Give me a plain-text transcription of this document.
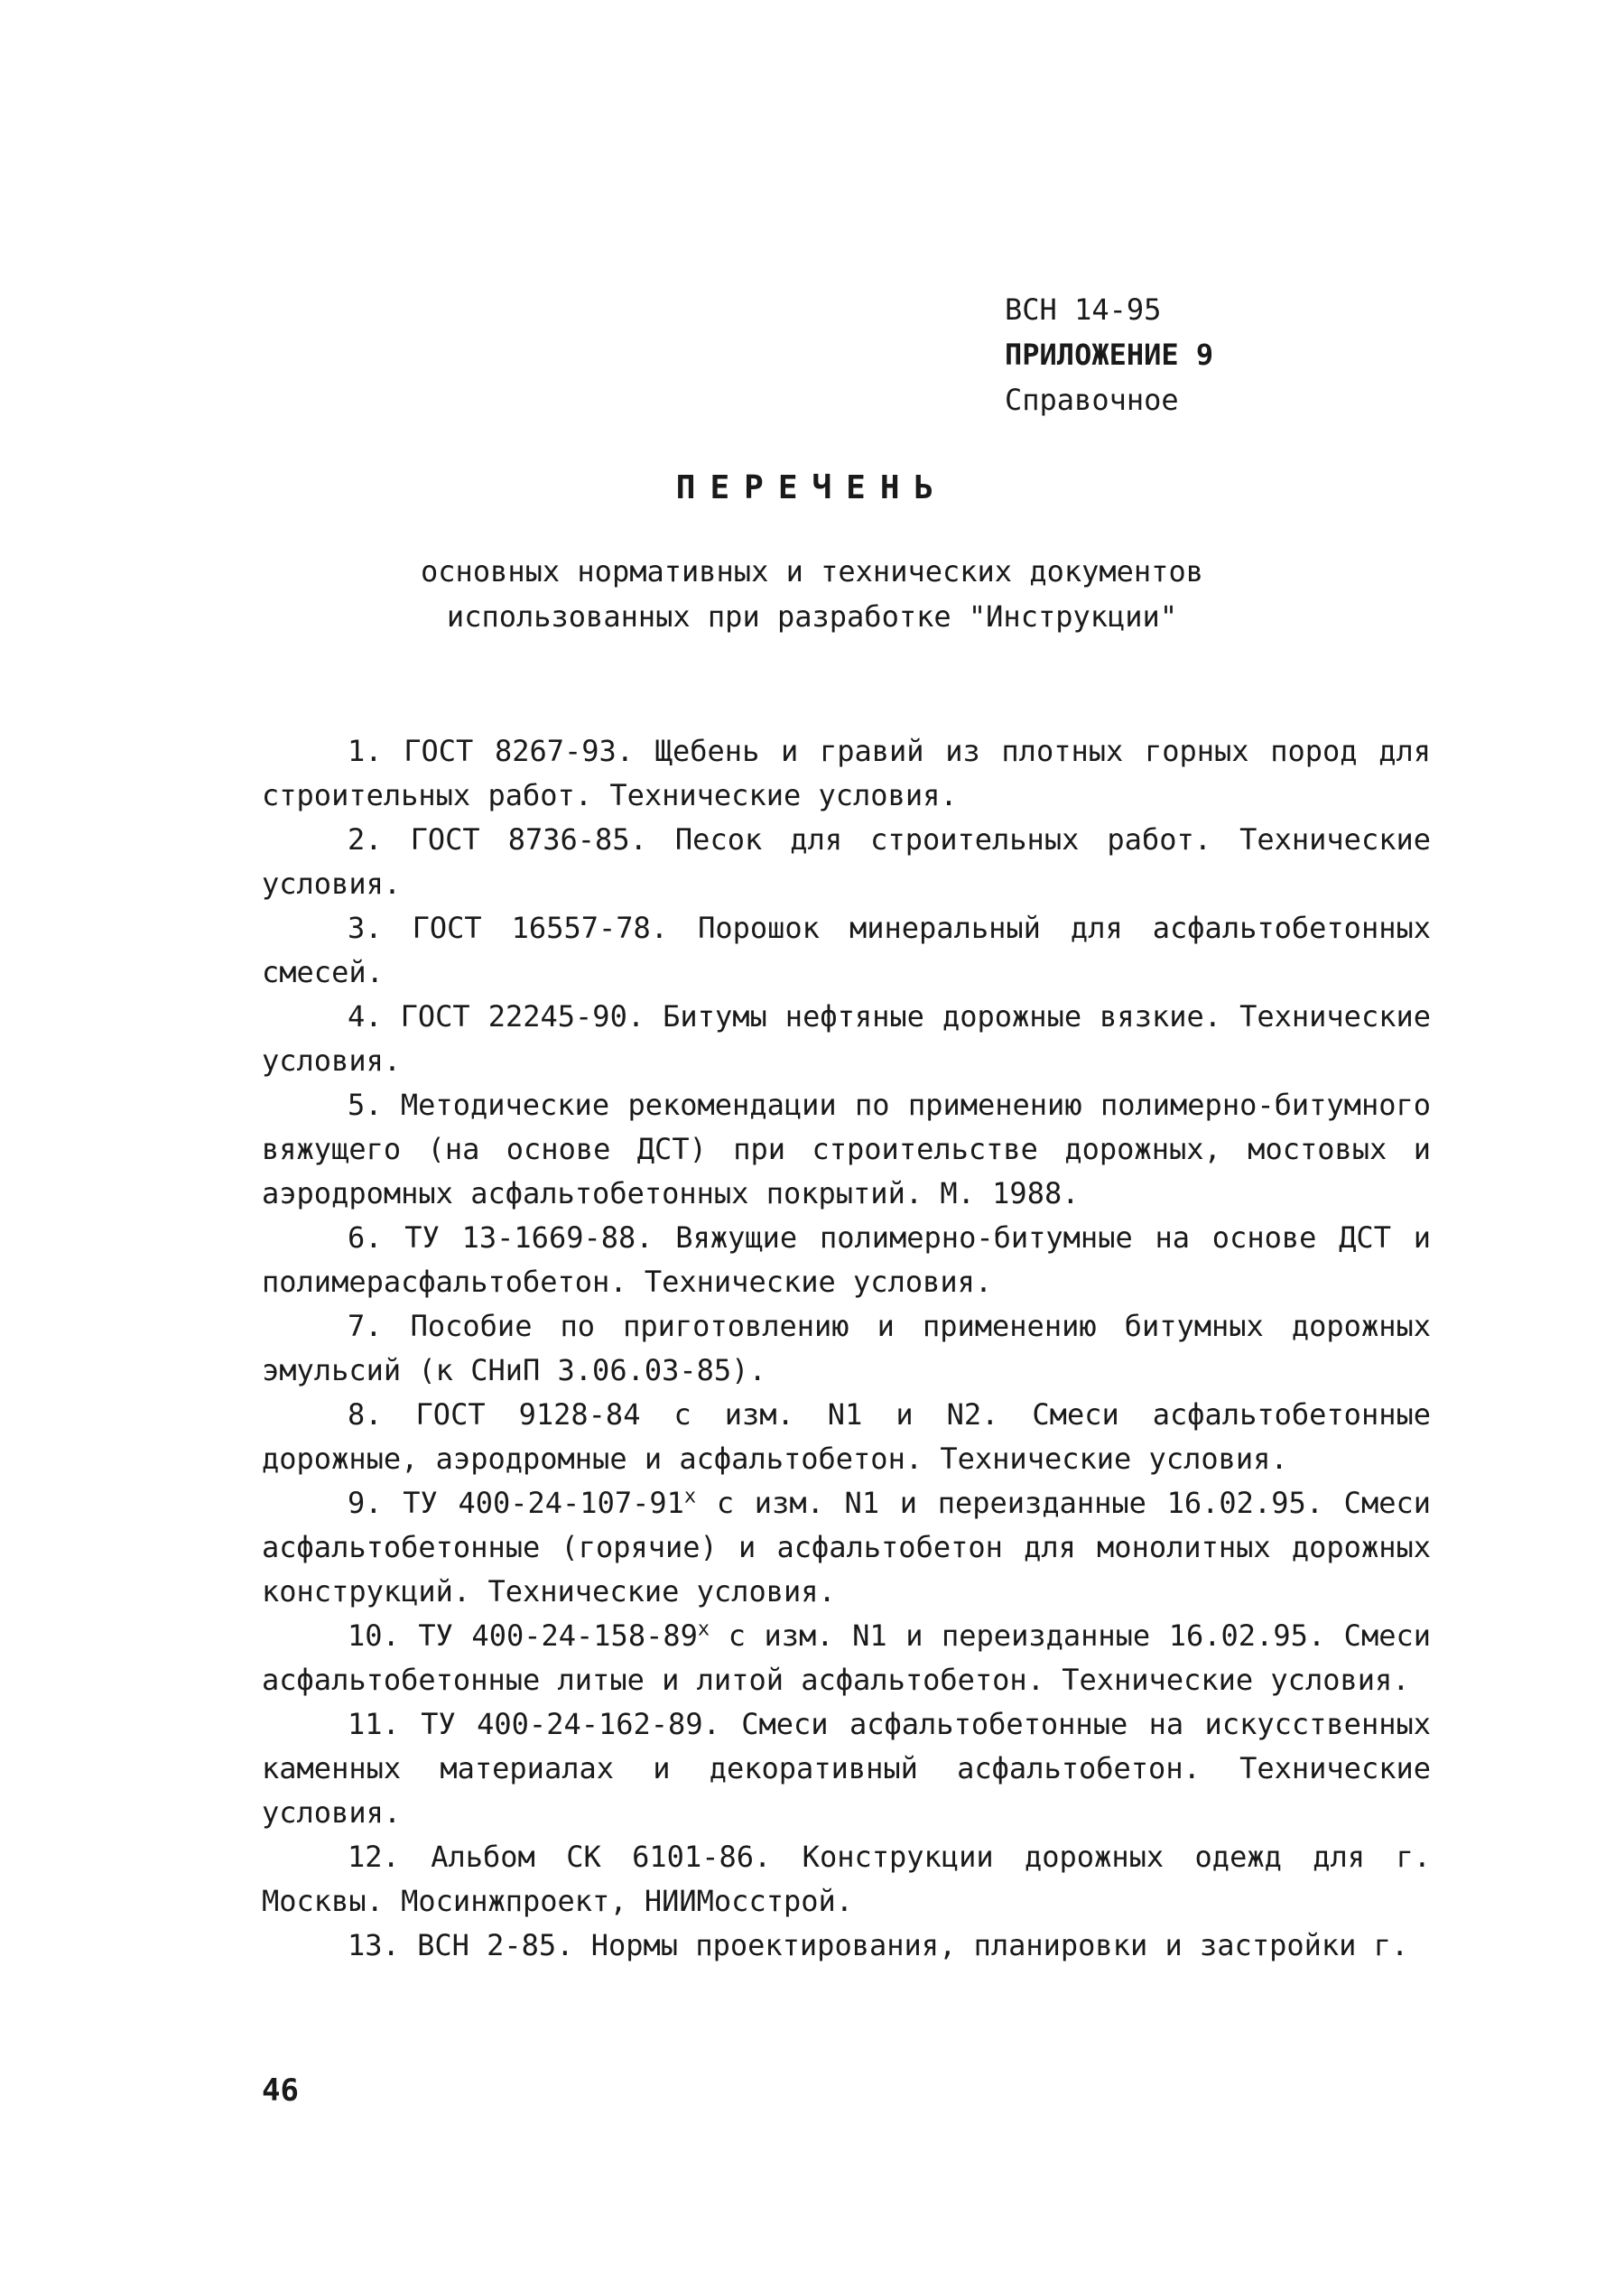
ВСН 14-95
ПРИЛОЖЕНИЕ 9
Справочное
ПЕРЕЧЕНЬ
основных нормативных и технических документов
использованных при разработке "Инструкции"

1. ГОСТ 8267-93. Щебень и гравий из плотных горных пород для строительных работ. Технические условия.

2. ГОСТ 8736-85. Песок для строительных работ. Технические условия.

3. ГОСТ 16557-78. Порошок минеральный для асфальтобетонных смесей.

4. ГОСТ 22245-90. Битумы нефтяные дорожные вязкие. Технические условия.

5. Методические рекомендации по применению полимерно-битумного вяжущего (на основе ДСТ) при строительстве дорожных, мостовых и аэродромных асфальтобетонных покрытий. М. 1988.

6. ТУ 13-1669-88. Вяжущие полимерно-битумные на основе ДСТ и полимерасфальтобетон. Технические условия.

7. Пособие по приготовлению и применению битумных дорожных эмульсий (к СНиП 3.06.03-85).

8. ГОСТ 9128-84 с изм. N1 и N2. Смеси асфальтобетонные дорожные, аэродромные и асфальтобетон. Технические условия.

9. ТУ 400-24-107-91$^x$ с изм. N1 и переизданные 16.02.95. Смеси асфальтобетонные (горячие) и асфальтобетон для монолитных дорожных конструкций. Технические условия.

10. ТУ 400-24-158-89$^x$ с изм. N1 и переизданные 16.02.95. Смеси асфальтобетонные литые и литой асфальтобетон. Технические условия.

11. ТУ 400-24-162-89. Смеси асфальтобетонные на искусственных каменных материалах и декоративный асфальтобетон. Технические условия.

12. Альбом СК 6101-86. Конструкции дорожных одежд для г. Москвы. Мосинжпроект, НИИМосстрой.

13. ВСН 2-85. Нормы проектирования, планировки и застройки г.

46
